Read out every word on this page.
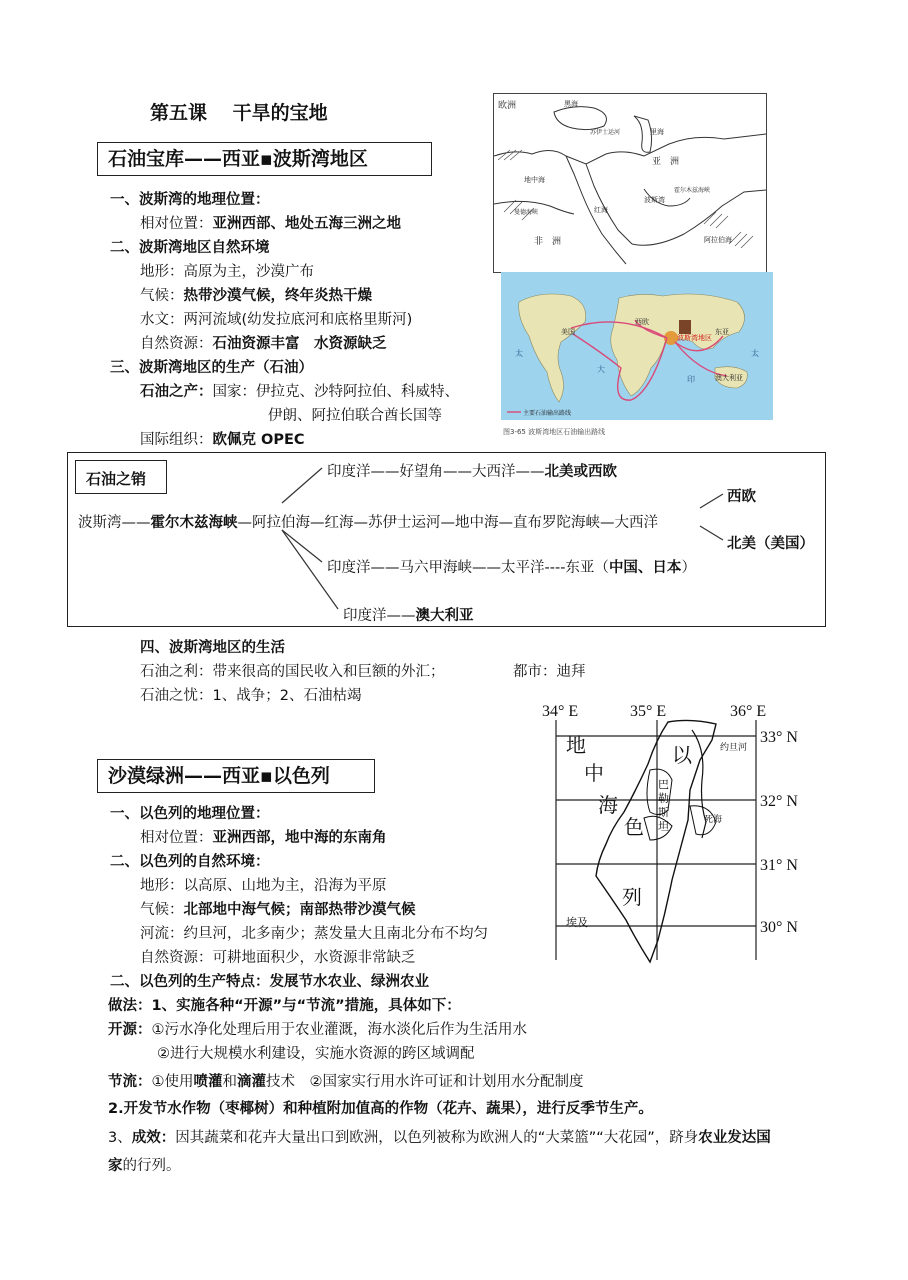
第五课　 干旱的宝地
石油宝库——西亚▪波斯湾地区
一、波斯湾的地理位置：
相对位置：亚洲西部、地处五海三洲之地
二、波斯湾地区自然环境
地形：高原为主，沙漠广布
气候：热带沙漠气候，终年炎热干燥
水文：两河流域(幼发拉底河和底格里斯河)
自然资源：石油资源丰富　水资源缺乏
三、波斯湾地区的生产（石油）
石油之产：国家：伊拉克、沙特阿拉伯、科威特、
伊朗、阿拉伯联合酋长国等
国际组织：欧佩克 OPEC
欧洲	黑海
亚　洲
地中海
里海
红海
非　洲	阿拉伯海
波斯湾
霍尔木兹海峡
苏伊士运河
曼德海峡
美国
西欧
东亚
波斯湾地区
澳大利亚
太	太
大
印
主要石油输出路线
图3-65 波斯湾地区石油输出路线
石油之销
波斯湾——霍尔木兹海峡—阿拉伯海—红海—苏伊士运河—地中海—直布罗陀海峡—大西洋
印度洋——好望角——大西洋——北美或西欧
印度洋——马六甲海峡——太平洋----东亚（中国、日本）
印度洋——澳大利亚
西欧
北美（美国）
四、波斯湾地区的生活
石油之利：带来很高的国民收入和巨额的外汇；	都市：迪拜
石油之忧：1、战争；2、石油枯竭
34° E	35° E	36° E
地
中
海
以
色
列
巴
勒
斯
坦
约旦河
死海
埃及
33° N
32° N
31° N
30° N
沙漠绿洲——西亚▪以色列
一、以色列的地理位置：
相对位置：亚洲西部，地中海的东南角
二、以色列的自然环境：
地形：以高原、山地为主，沿海为平原
气候：北部地中海气候；南部热带沙漠气候
河流：约旦河，北多南少；蒸发量大且南北分布不均匀
自然资源：可耕地面积少，水资源非常缺乏
二、以色列的生产特点：发展节水农业、绿洲农业
做法：1、实施各种“开源”与“节流”措施，具体如下：
开源：①污水净化处理后用于农业灌溉，海水淡化后作为生活用水
②进行大规模水利建设，实施水资源的跨区域调配
节流：①使用喷灌和滴灌技术　②国家实行用水许可证和计划用水分配制度
2.开发节水作物（枣椰树）和种植附加值高的作物（花卉、蔬果），进行反季节生产。
3、成效：因其蔬菜和花卉大量出口到欧洲，以色列被称为欧洲人的“大菜篮”“大花园”，跻身农业发达国
家的行列。
